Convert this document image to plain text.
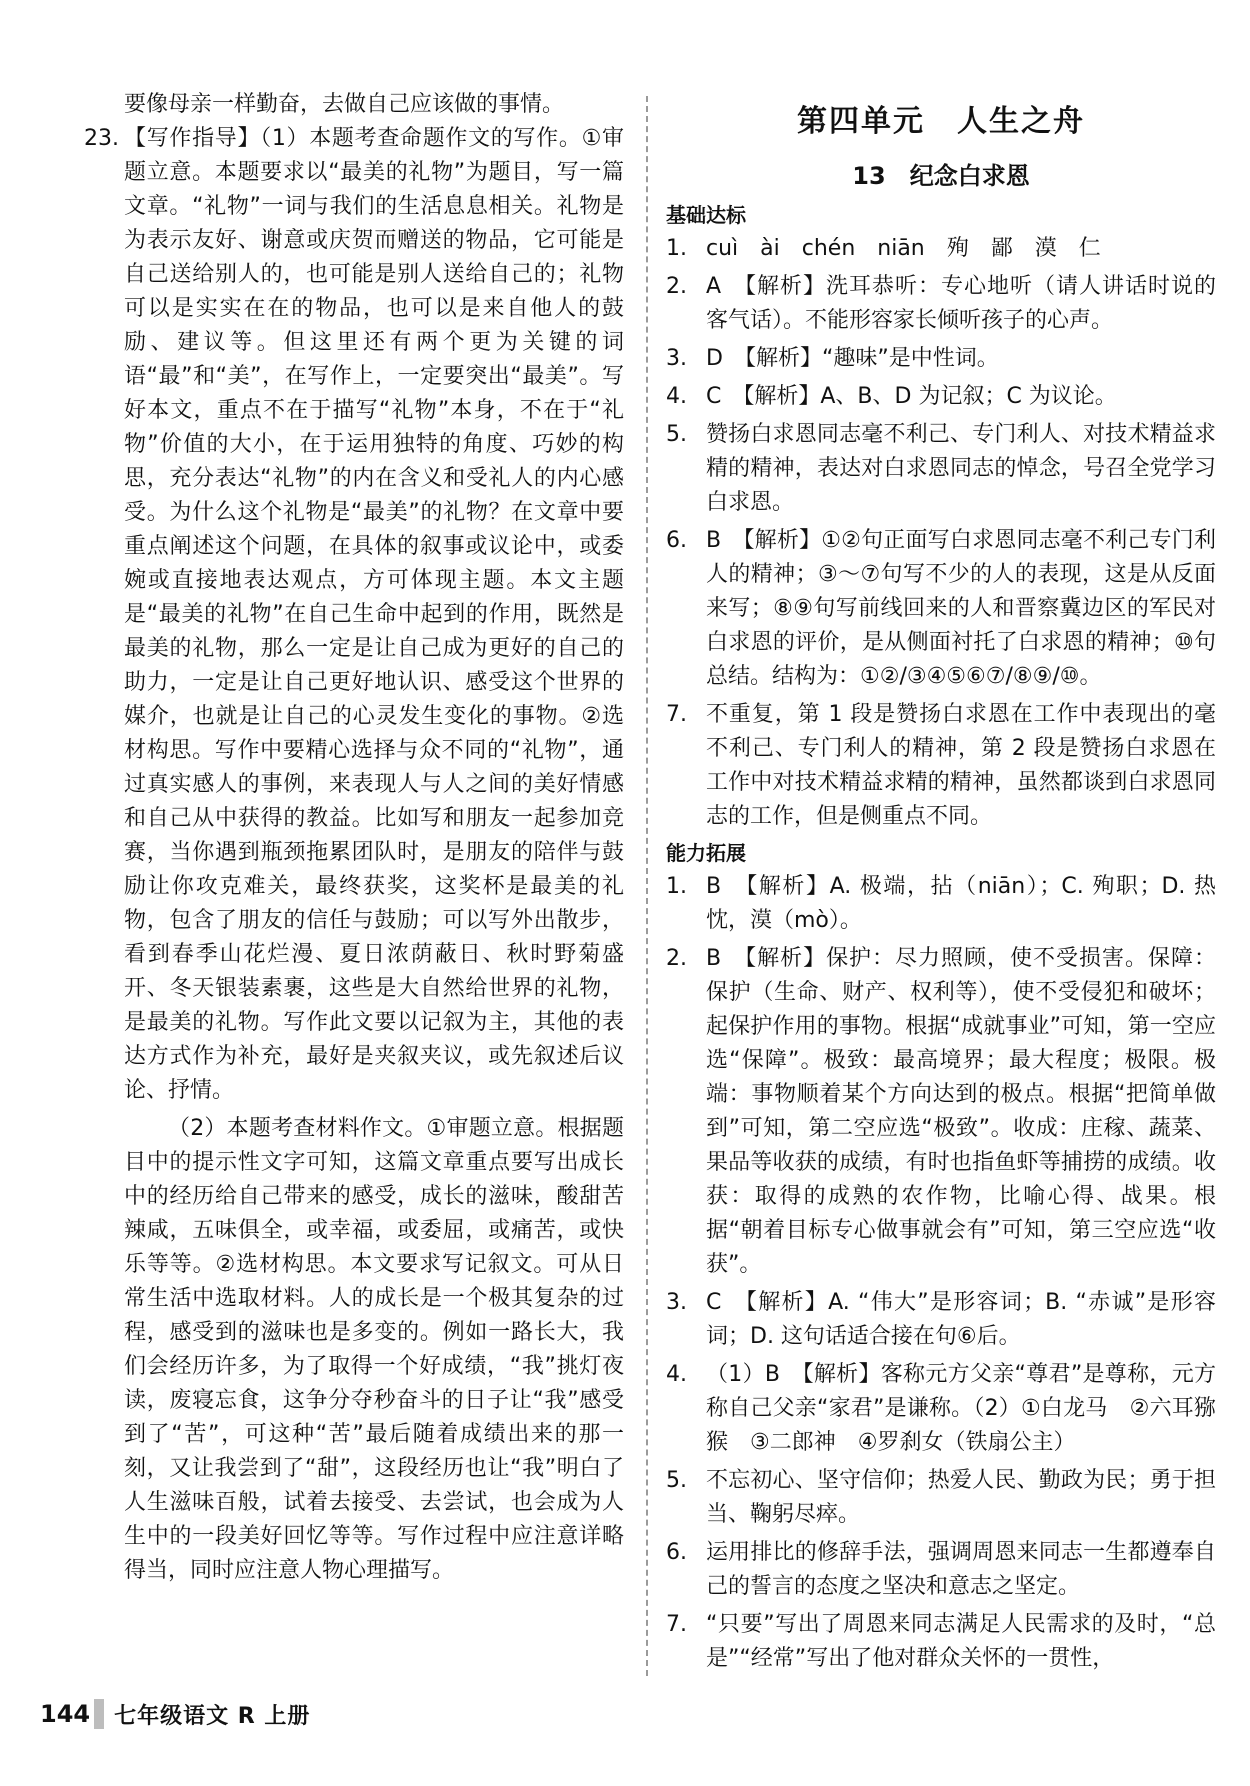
要像母亲一样勤奋，去做自己应该做的事情。

23. 【写作指导】（1）本题考查命题作文的写作。①审题立意。本题要求以“最美的礼物”为题目，写一篇文章。“礼物”一词与我们的生活息息相关。礼物是为表示友好、谢意或庆贺而赠送的物品，它可能是自己送给别人的，也可能是别人送给自己的；礼物可以是实实在在的物品，也可以是来自他人的鼓励、建议等。但这里还有两个更为关键的词语“最”和“美”，在写作上，一定要突出“最美”。写好本文，重点不在于描写“礼物”本身，不在于“礼物”价值的大小，在于运用独特的角度、巧妙的构思，充分表达“礼物”的内在含义和受礼人的内心感受。为什么这个礼物是“最美”的礼物？在文章中要重点阐述这个问题，在具体的叙事或议论中，或委婉或直接地表达观点，方可体现主题。本文主题是“最美的礼物”在自己生命中起到的作用，既然是最美的礼物，那么一定是让自己成为更好的自己的助力，一定是让自己更好地认识、感受这个世界的媒介，也就是让自己的心灵发生变化的事物。②选材构思。写作中要精心选择与众不同的“礼物”，通过真实感人的事例，来表现人与人之间的美好情感和自己从中获得的教益。比如写和朋友一起参加竞赛，当你遇到瓶颈拖累团队时，是朋友的陪伴与鼓励让你攻克难关，最终获奖，这奖杯是最美的礼物，包含了朋友的信任与鼓励；可以写外出散步，看到春季山花烂漫、夏日浓荫蔽日、秋时野菊盛开、冬天银装素裹，这些是大自然给世界的礼物，是最美的礼物。写作此文要以记叙为主，其他的表达方式作为补充，最好是夹叙夹议，或先叙述后议论、抒情。

（2）本题考查材料作文。①审题立意。根据题目中的提示性文字可知，这篇文章重点要写出成长中的经历给自己带来的感受，成长的滋味，酸甜苦辣咸，五味俱全，或幸福，或委屈，或痛苦，或快乐等等。②选材构思。本文要求写记叙文。可从日常生活中选取材料。人的成长是一个极其复杂的过程，感受到的滋味也是多变的。例如一路长大，我们会经历许多，为了取得一个好成绩，“我”挑灯夜读，废寝忘食，这争分夺秒奋斗的日子让“我”感受到了“苦”，可这种“苦”最后随着成绩出来的那一刻，又让我尝到了“甜”，这段经历也让“我”明白了人生滋味百般，试着去接受、去尝试，也会成为人生中的一段美好回忆等等。写作过程中应注意详略得当，同时应注意人物心理描写。

第四单元　人生之舟
13　纪念白求恩
基础达标
1. cuì　ài　chén　niān　殉　鄙　漠　仁
2. A　【解析】洗耳恭听：专心地听（请人讲话时说的客气话）。不能形容家长倾听孩子的心声。
3. D　【解析】“趣味”是中性词。
4. C　【解析】A、B、D 为记叙；C 为议论。
5. 赞扬白求恩同志毫不利己、专门利人、对技术精益求精的精神，表达对白求恩同志的悼念，号召全党学习白求恩。
6. B　【解析】①②句正面写白求恩同志毫不利己专门利人的精神；③～⑦句写不少的人的表现，这是从反面来写；⑧⑨句写前线回来的人和晋察冀边区的军民对白求恩的评价，是从侧面衬托了白求恩的精神；⑩句总结。结构为：①②/③④⑤⑥⑦/⑧⑨/⑩。
7. 不重复，第 1 段是赞扬白求恩在工作中表现出的毫不利己、专门利人的精神，第 2 段是赞扬白求恩在工作中对技术精益求精的精神，虽然都谈到白求恩同志的工作，但是侧重点不同。
能力拓展
1. B　【解析】A. 极端，拈（niān）；C. 殉职；D. 热忱，漠（mò）。
2. B　【解析】保护：尽力照顾，使不受损害。保障：保护（生命、财产、权利等），使不受侵犯和破坏；起保护作用的事物。根据“成就事业”可知，第一空应选“保障”。极致：最高境界；最大程度；极限。极端：事物顺着某个方向达到的极点。根据“把简单做到”可知，第二空应选“极致”。收成：庄稼、蔬菜、果品等收获的成绩，有时也指鱼虾等捕捞的成绩。收获：取得的成熟的农作物，比喻心得、战果。根据“朝着目标专心做事就会有”可知，第三空应选“收获”。
3. C　【解析】A. “伟大”是形容词；B. “赤诚”是形容词；D. 这句话适合接在句⑥后。
4. （1）B　【解析】客称元方父亲“尊君”是尊称，元方称自己父亲“家君”是谦称。（2）①白龙马　②六耳猕猴　③二郎神　④罗刹女（铁扇公主）
5. 不忘初心、坚守信仰；热爱人民、勤政为民；勇于担当、鞠躬尽瘁。
6. 运用排比的修辞手法，强调周恩来同志一生都遵奉自己的誓言的态度之坚决和意志之坚定。
7. “只要”写出了周恩来同志满足人民需求的及时，“总是”“经常”写出了他对群众关怀的一贯性，
144 七年级语文 R 上册
